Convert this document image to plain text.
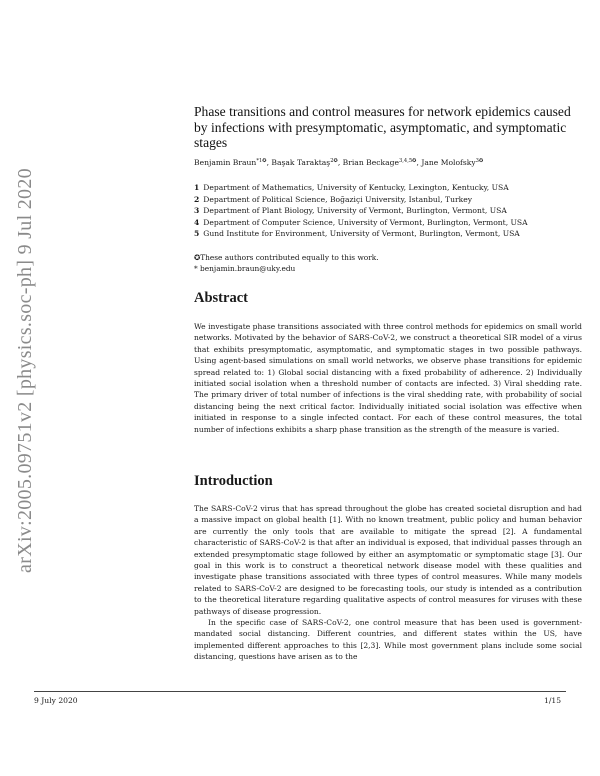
arXiv:2005.09751v2 [physics.soc-ph] 9 Jul 2020
Phase transitions and control measures for network epidemics caused by infections with presymptomatic, asymptomatic, and symptomatic stages
Benjamin Braun$^{*1✪}$, Başak Taraktaş$^{2✪}$, Brian Beckage$^{3,4,5✪}$, Jane Molofsky$^{3✪}$
1 Department of Mathematics, University of Kentucky, Lexington, Kentucky, USA
2 Department of Political Science, Boğaziçi University, Istanbul, Turkey
3 Department of Plant Biology, University of Vermont, Burlington, Vermont, USA
4 Department of Computer Science, University of Vermont, Burlington, Vermont, USA
5 Gund Institute for Environment, University of Vermont, Burlington, Vermont, USA
✪These authors contributed equally to this work.
* benjamin.braun@uky.edu
Abstract

We investigate phase transitions associated with three control methods for epidemics on small world networks. Motivated by the behavior of SARS-CoV-2, we construct a theoretical SIR model of a virus that exhibits presymptomatic, asymptomatic, and symptomatic stages in two possible pathways. Using agent-based simulations on small world networks, we observe phase transitions for epidemic spread related to: 1) Global social distancing with a fixed probability of adherence. 2) Individually initiated social isolation when a threshold number of contacts are infected. 3) Viral shedding rate. The primary driver of total number of infections is the viral shedding rate, with probability of social distancing being the next critical factor. Individually initiated social isolation was effective when initiated in response to a single infected contact. For each of these control measures, the total number of infections exhibits a sharp phase transition as the strength of the measure is varied.

Introduction

The SARS-CoV-2 virus that has spread throughout the globe has created societal disruption and had a massive impact on global health [1]. With no known treatment, public policy and human behavior are currently the only tools that are available to mitigate the spread [2]. A fundamental characteristic of SARS-CoV-2 is that after an individual is exposed, that individual passes through an extended presymptomatic stage followed by either an asymptomatic or symptomatic stage [3]. Our goal in this work is to construct a theoretical network disease model with these qualities and investigate phase transitions associated with three types of control measures. While many models related to SARS-CoV-2 are designed to be forecasting tools, our study is intended as a contribution to the theoretical literature regarding qualitative aspects of control measures for viruses with these pathways of disease progression.

In the specific case of SARS-CoV-2, one control measure that has been used is government-mandated social distancing. Different countries, and different states within the US, have implemented different approaches to this [2,3]. While most government plans include some social distancing, questions have arisen as to the

9 July 2020	1/15
